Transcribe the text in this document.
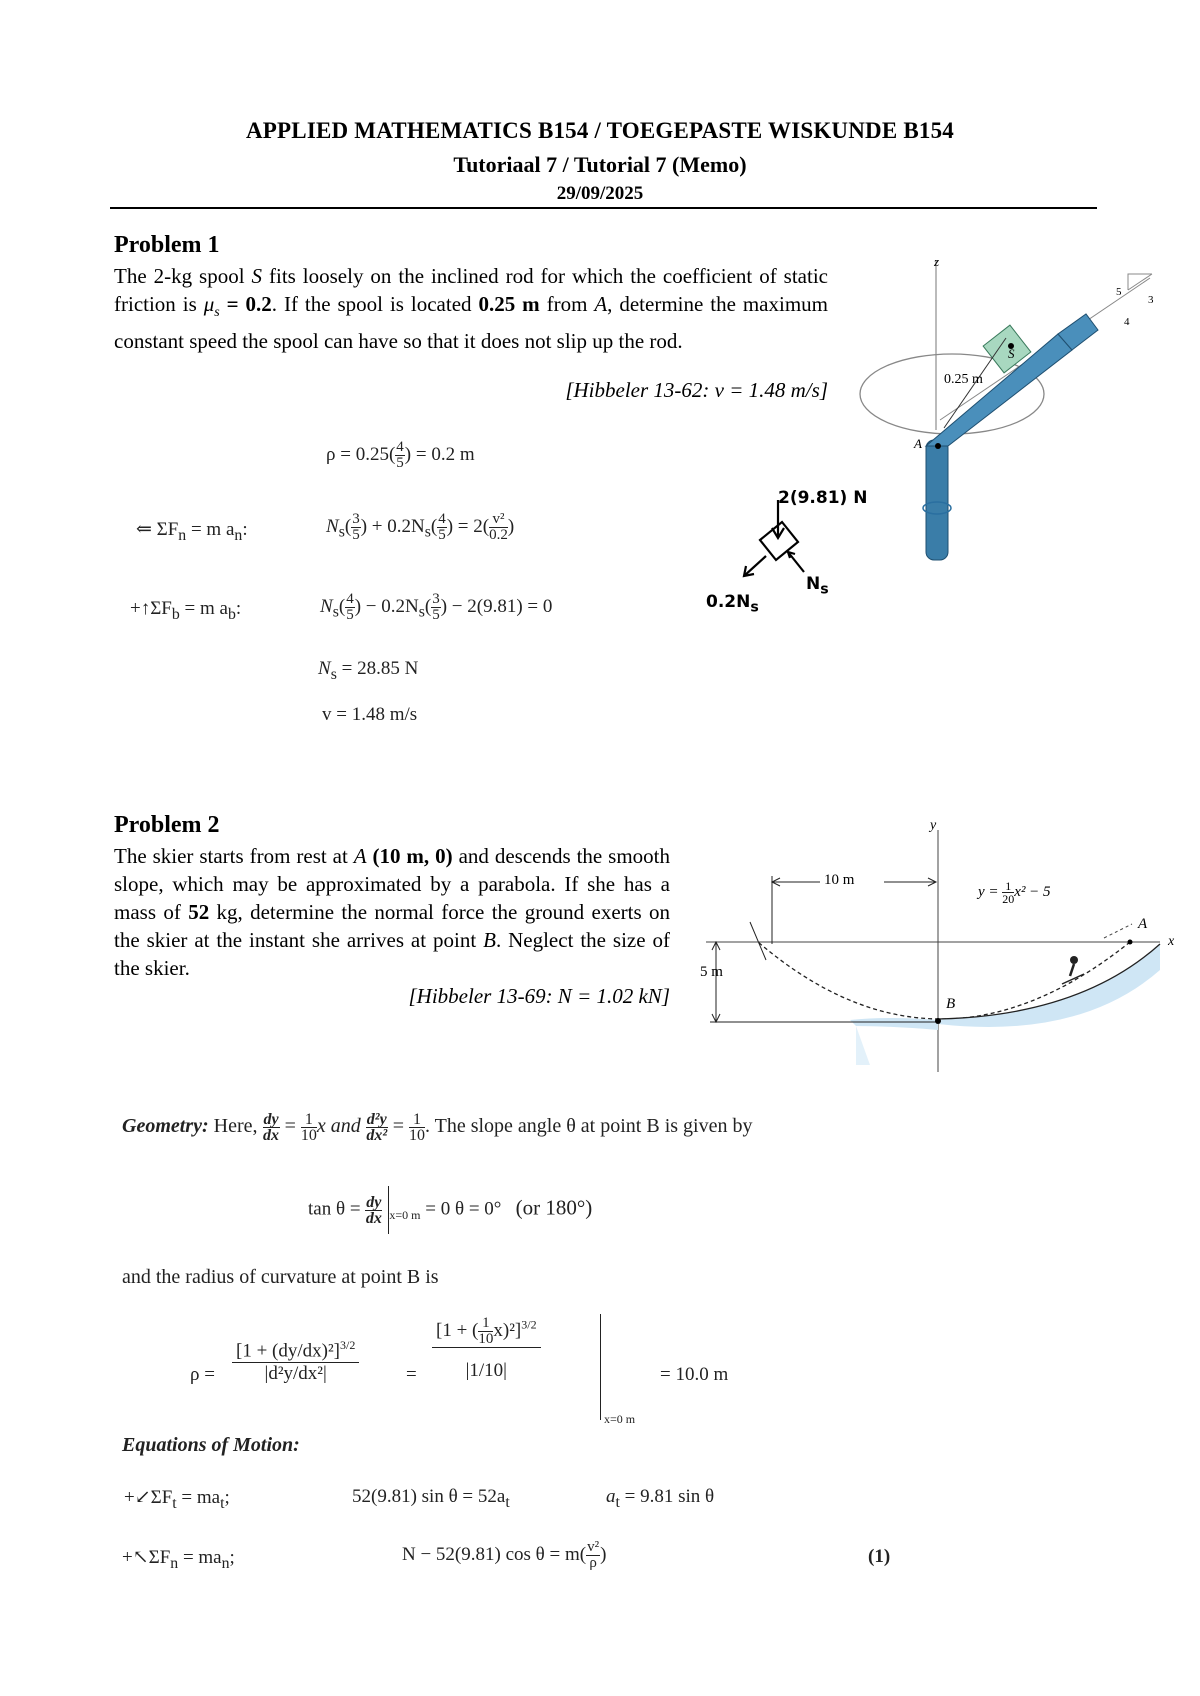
APPLIED MATHEMATICS B154 / TOEGEPASTE WISKUNDE B154
Tutoriaal 7 / Tutorial 7 (Memo)
29/09/2025
Problem 1
The 2-kg spool S fits loosely on the inclined rod for which the coefficient of static friction is $\mu_s = 0.2$. If the spool is located 0.25 m from A, determine the maximum constant speed the spool can have so that it does not slip up the rod.
[Hibbeler 13-62: v = 1.48 m/s]
$\rho = 0.25( \frac{4}{5}$ ) = 0.2 m
⇐ $\Sigma F_n = m$ $a_n$:	$N_s( \frac{3}{5}$ ) + $0.2N_s( \frac{4}{5}$ ) = $2( \frac{\text{v²}}{0.2}$ )
$+↑\Sigma F_b = m$ $a_b$:	$N_s( \frac{4}{5}$ ) − $0.2N_s( \frac{3}{5}$ ) − 2(9.81) = 0
$N_s = 28.85$ N
v = 1.48 m/s
2(9.81) N
$N_s$
$0.2N_s$
z
0.25 m
S
A
5
3
4
Problem 2
The skier starts from rest at A (10 m, 0) and descends the smooth slope, which may be approximated by a parabola. If she has a mass of 52 kg, determine the normal force the ground exerts on the skier at the instant she arrives at point B. Neglect the size of the skier.
[Hibbeler 13-69: N = 1.02 kN]
y
x
10 m
5 m
A
B
$y = \frac{1}{20} x^2 - 5$
Geometry: Here, $\frac{dy}{dx} = \frac{1}{10}$ x and $\frac{\text{d²y}}{\text{dx²}} = \frac{1}{10}$ . The slope angle θ at point B is given by
$\tan \theta = \frac{dy}{dx} _{x=0 m} = 0$ θ = 0° (or 180°)
and the radius of curvature at point B is
ρ =
$[1 + (dy/dx)^2]^{3/2}$
|d²y/dx²|	=
[1 + ( $\frac{1}{10} x)^2]^{3/2}$
|1/10|
x=0 m
= 10.0 m
Equations of Motion:
$+↙\Sigma F_t = ma_t$;	52(9.81) $\sin \theta = 52a_t$	$a_t = 9.81$ sin θ
$+↖\Sigma F_n = ma_n$;	N − 52(9.81) $\cos \theta = m( \frac{\text{v²}}{\rho}$ )	(1)
